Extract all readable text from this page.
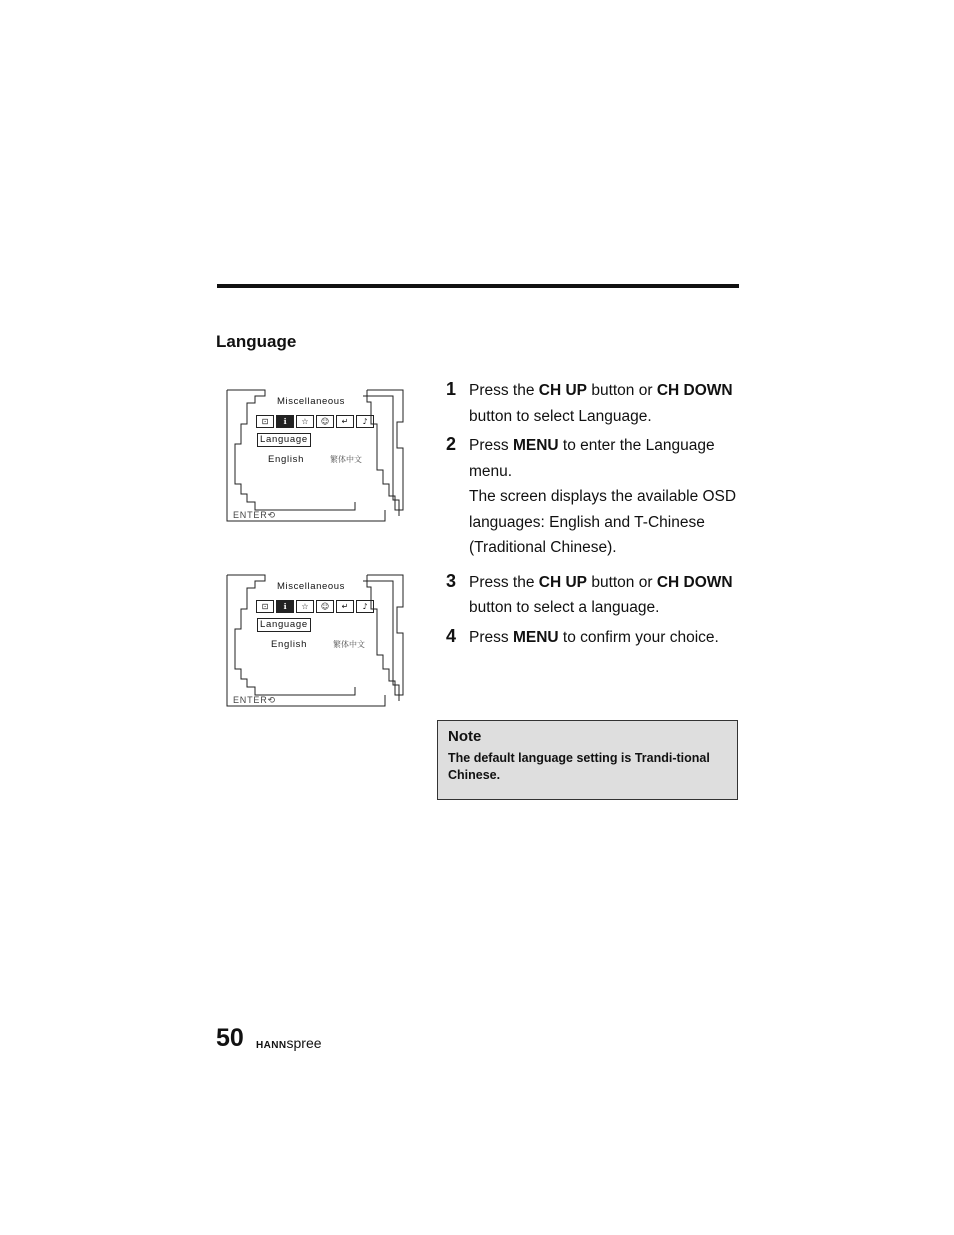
Language
Miscellaneous
⊡	ℹ	☆	☺	↵	♪
Language
English	繁体中文
ENTER⟲
Miscellaneous
⊡	ℹ	☆	☺	↵	♪
Language
English	繁体中文
ENTER⟲
1 Press the CH UP button or CH DOWN button to select Language.
2 Press MENU to enter the Language menu.
The screen displays the available OSD languages: English and T-Chinese (Traditional Chinese).
3 Press the CH UP button or CH DOWN button to select a language.
4 Press MENU to confirm your choice.
Note
The default language setting is Trandi-tional Chinese.
50 HANNspree
